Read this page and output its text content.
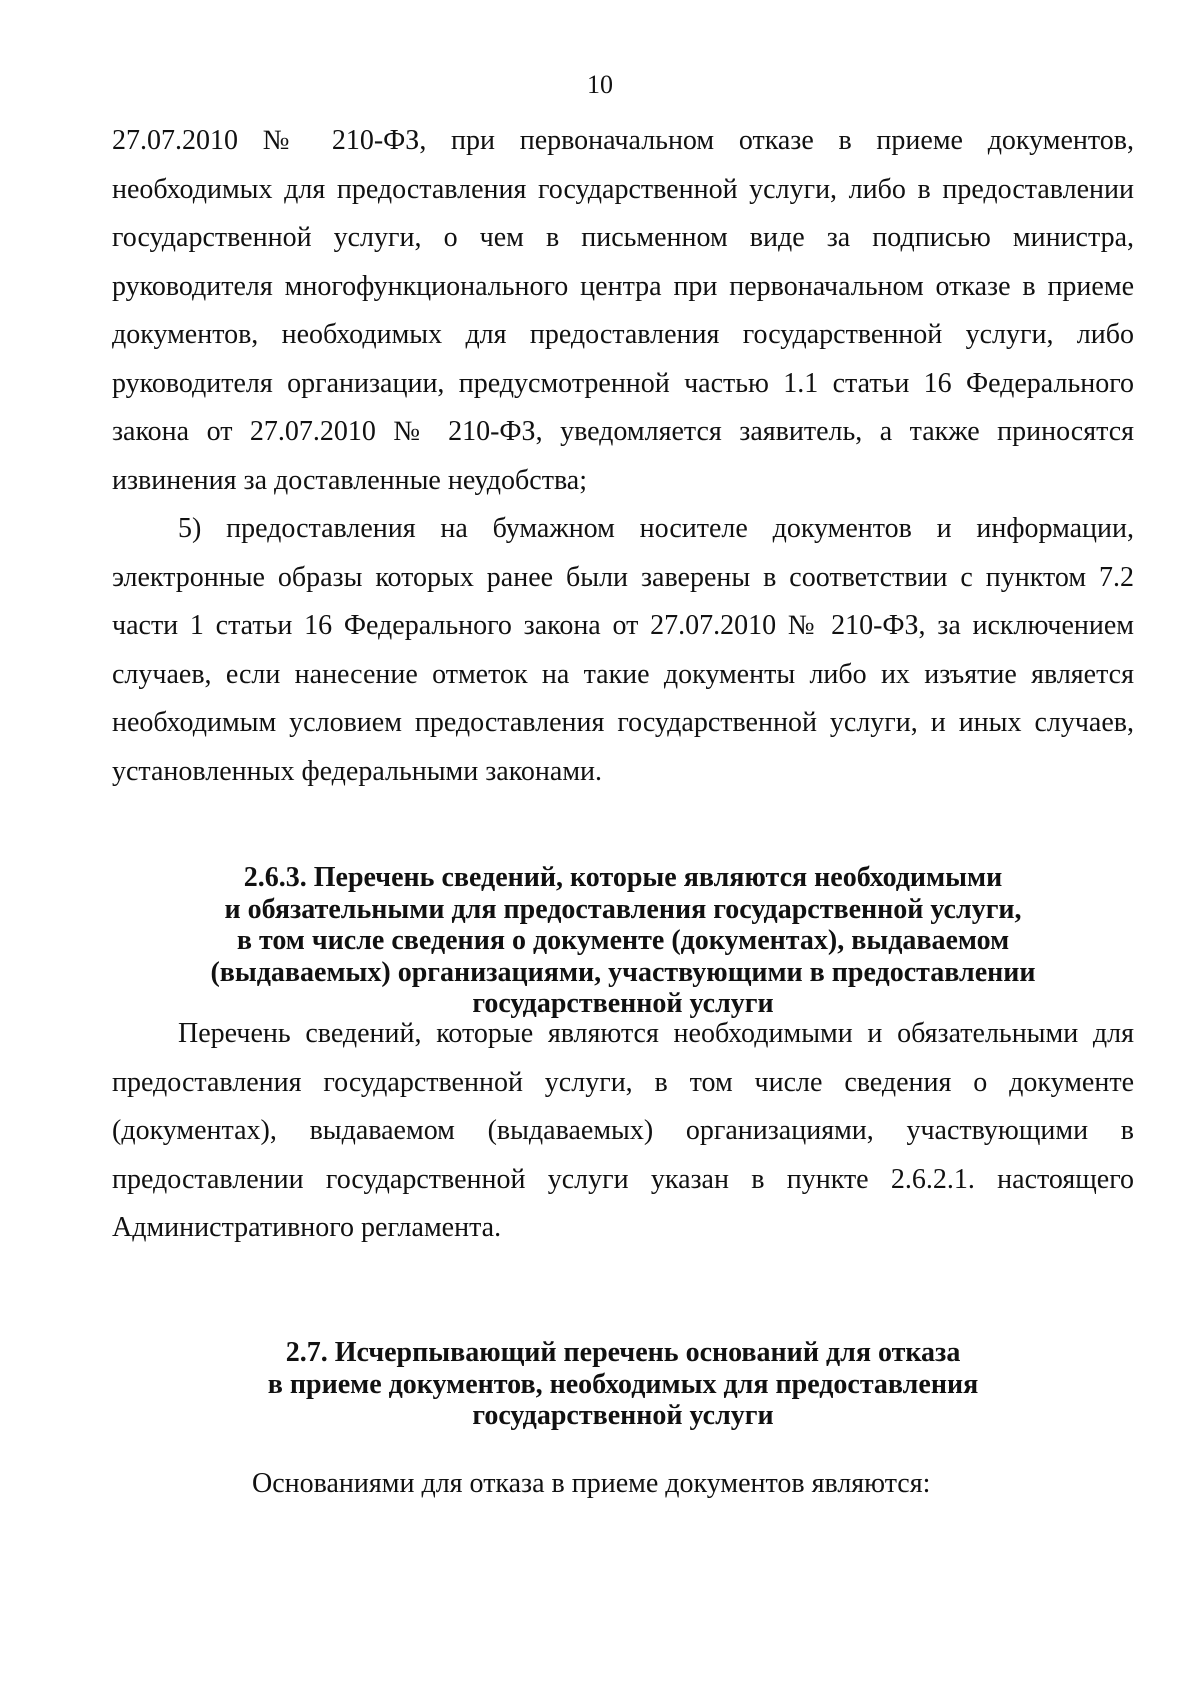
10

27.07.2010 № 210-ФЗ, при первоначальном отказе в приеме документов, необходимых для предоставления государственной услуги, либо в предоставлении государственной услуги, о чем в письменном виде за подписью министра, руководителя многофункционального центра при первоначальном отказе в приеме документов, необходимых для предоставления государственной услуги, либо руководителя организации, предусмотренной частью 1.1 статьи 16 Федерального закона от 27.07.2010 № 210-ФЗ, уведомляется заявитель, а также приносятся извинения за доставленные неудобства;

5) предоставления на бумажном носителе документов и информации, электронные образы которых ранее были заверены в соответствии с пунктом 7.2 части 1 статьи 16 Федерального закона от 27.07.2010 № 210-ФЗ, за исключением случаев, если нанесение отметок на такие документы либо их изъятие является необходимым условием предоставления государственной услуги, и иных случаев, установленных федеральными законами.

2.6.3. Перечень сведений, которые являются необходимыми
и обязательными для предоставления государственной услуги,
в том числе сведения о документе (документах), выдаваемом
(выдаваемых) организациями, участвующими в предоставлении
государственной услуги

Перечень сведений, которые являются необходимыми и обязательными для предоставления государственной услуги, в том числе сведения о документе (документах), выдаваемом (выдаваемых) организациями, участвующими в предоставлении государственной услуги указан в пункте 2.6.2.1. настоящего Административного регламента.

2.7. Исчерпывающий перечень оснований для отказа
в приеме документов, необходимых для предоставления
государственной услуги

Основаниями для отказа в приеме документов являются:
